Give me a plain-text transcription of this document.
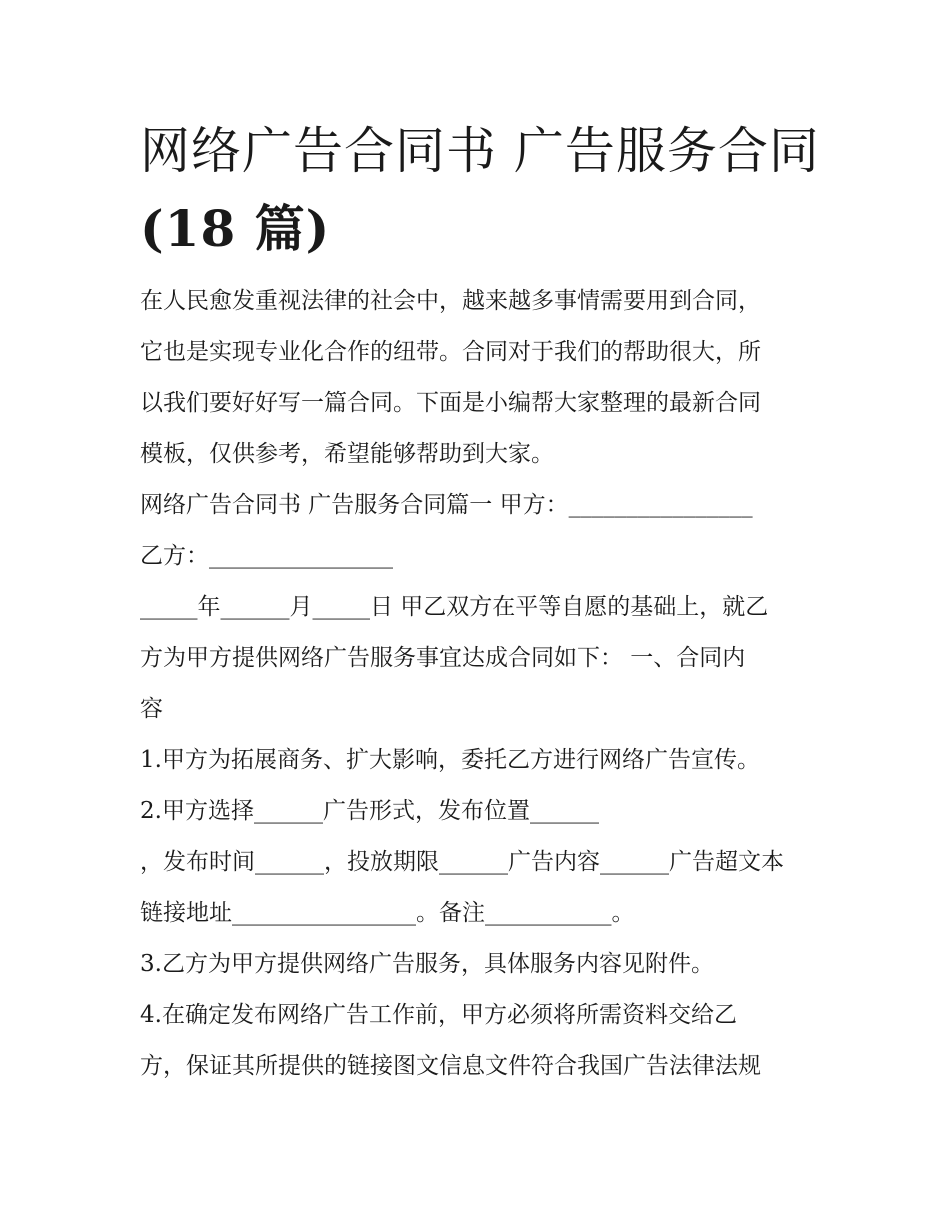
网络广告合同书 广告服务合同
(18 篇)

在人民愈发重视法律的社会中，越来越多事情需要用到合同，

它也是实现专业化合作的纽带。合同对于我们的帮助很大，所

以我们要好好写一篇合同。下面是小编帮大家整理的最新合同

模板，仅供参考，希望能够帮助到大家。

网络广告合同书 广告服务合同篇一 甲方：________________

乙方：________________

_____年______月_____日 甲乙双方在平等自愿的基础上，就乙

方为甲方提供网络广告服务事宜达成合同如下： 一、合同内

容

1.甲方为拓展商务、扩大影响，委托乙方进行网络广告宣传。

2.甲方选择______广告形式，发布位置______

，发布时间______，投放期限______广告内容______广告超文本

链接地址________________。备注___________。

3.乙方为甲方提供网络广告服务，具体服务内容见附件。

4.在确定发布网络广告工作前，甲方必须将所需资料交给乙

方，保证其所提供的链接图文信息文件符合我国广告法律法规
